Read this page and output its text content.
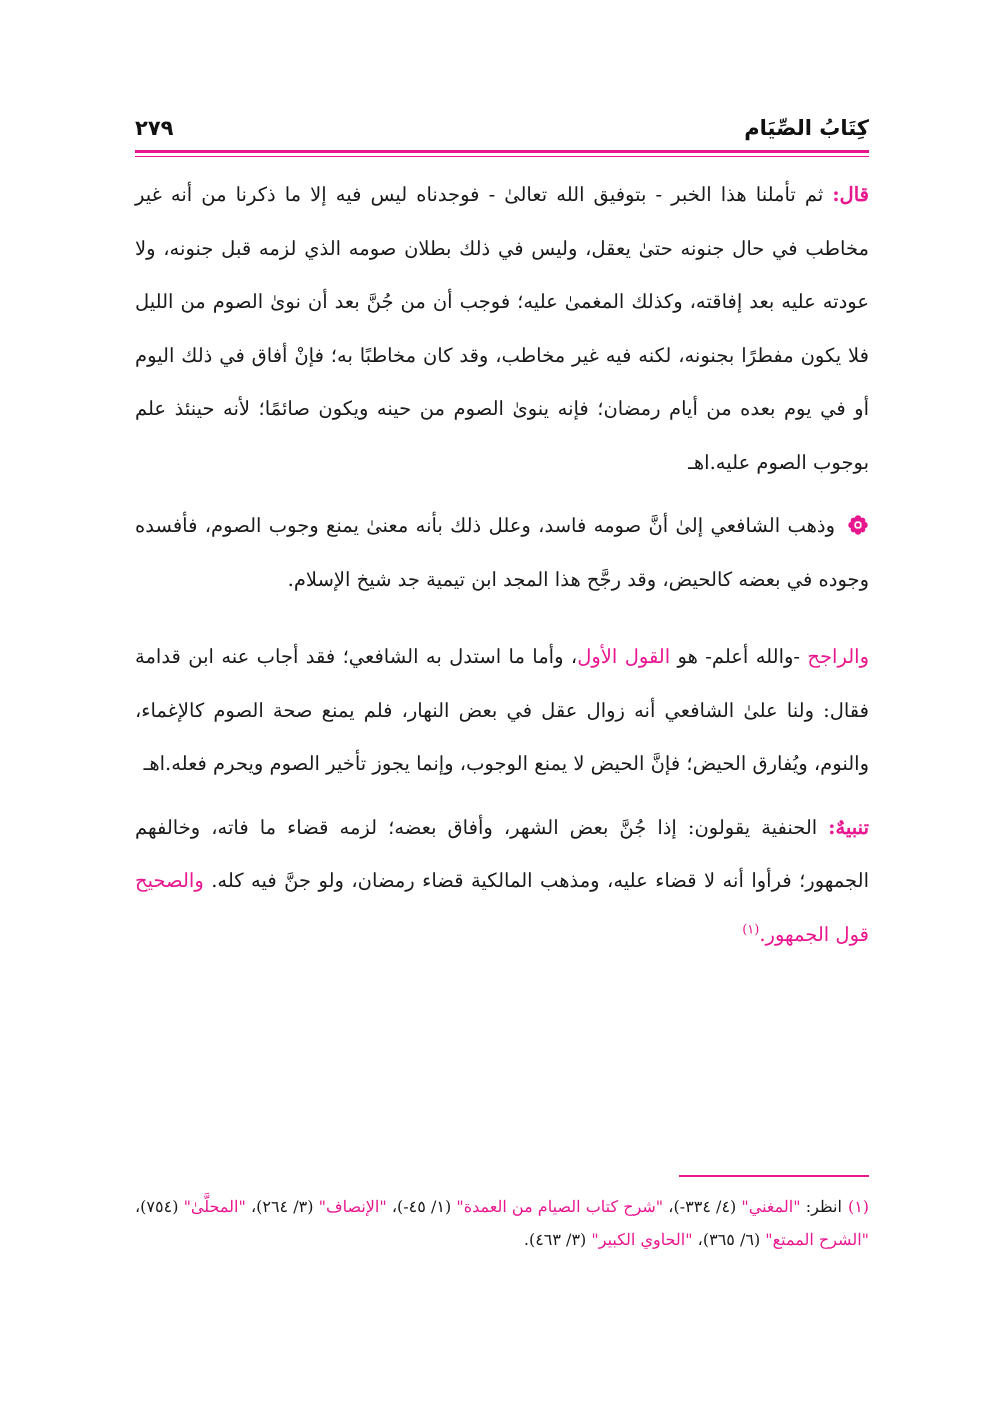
كِتَابُ الصِّيَام
٢٧٩

قال: ثم تأملنا هذا الخبر - بتوفيق الله تعالىٰ - فوجدناه ليس فيه إلا ما ذكرنا من أنه غير مخاطب في حال جنونه حتىٰ يعقل، وليس في ذلك بطلان صومه الذي لزمه قبل جنونه، ولا عودته عليه بعد إفاقته، وكذلك المغمىٰ عليه؛ فوجب أن من جُنَّ بعد أن نوىٰ الصوم من الليل فلا يكون مفطرًا بجنونه، لكنه فيه غير مخاطب، وقد كان مخاطبًا به؛ فإنْ أفاق في ذلك اليوم أو في يوم بعده من أيام رمضان؛ فإنه ينوىٰ الصوم من حينه ويكون صائمًا؛ لأنه حينئذ علم بوجوب الصوم عليه.اهـ

وذهب الشافعي إلىٰ أنَّ صومه فاسد، وعلل ذلك بأنه معنىٰ يمنع وجوب الصوم، فأفسده وجوده في بعضه كالحيض، وقد رجَّح هذا المجد ابن تيمية جد شيخ الإسلام.

والراجح -والله أعلم- هو القول الأول، وأما ما استدل به الشافعي؛ فقد أجاب عنه ابن قدامة فقال: ولنا علىٰ الشافعي أنه زوال عقل في بعض النهار، فلم يمنع صحة الصوم كالإغماء، والنوم، ويُفارق الحيض؛ فإنَّ الحيض لا يمنع الوجوب، وإنما يجوز تأخير الصوم ويحرم فعله.اهـ

تنبيهٌ: الحنفية يقولون: إذا جُنَّ بعض الشهر، وأفاق بعضه؛ لزمه قضاء ما فاته، وخالفهم الجمهور؛ فرأوا أنه لا قضاء عليه، ومذهب المالكية قضاء رمضان، ولو جنَّ فيه كله. والصحيح قول الجمهور.$^{(١)}$

(١)انظر: "المغني" (٤/ ٣٣٤-)، "شرح كتاب الصيام من العمدة" (١/ ٤٥-)، "الإنصاف" (٣/ ٢٦٤)، "المحلَّىٰ" (٧٥٤)، "الشرح الممتع" (٦/ ٣٦٥)، "الحاوي الكبير" (٣/ ٤٦٣).
